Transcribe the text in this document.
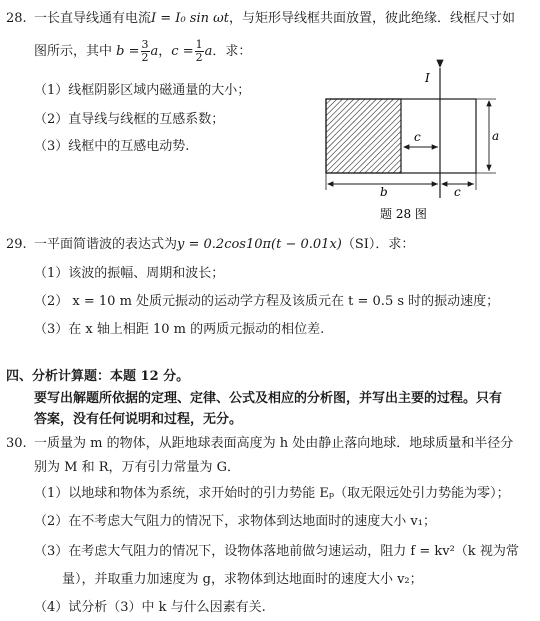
28. 一长直导线通有电流I = I₀ sin ωt，与矩形导线框共面放置，彼此绝缘．线框尺寸如
图所示，其中 $b = \frac{3}{2}$ a，$c = \frac{1}{2}$ a．求：
（1）线框阴影区域内磁通量的大小；
（2）直导线与线框的互感系数；
（3）线框中的互感电动势.
I
c	a
b	c
题 28 图
29. 一平面简谐波的表达式为y = 0.2cos10π(t − 0.01x)（SI）．求：
（1）该波的振幅、周期和波长；
（2） x = 10 m 处质元振动的运动学方程及该质元在 t = 0.5 s 时的振动速度；
（3）在 x 轴上相距 10 m 的两质元振动的相位差.
四、分析计算题：本题 12 分。
要写出解题所依据的定理、定律、公式及相应的分析图，并写出主要的过程。只有
答案，没有任何说明和过程，无分。
30. 一质量为 m 的物体，从距地球表面高度为 h 处由静止落向地球．地球质量和半径分
别为 M 和 R，万有引力常量为 G．
（1）以地球和物体为系统，求开始时的引力势能 Eₚ（取无限远处引力势能为零）；
（2）在不考虑大气阻力的情况下，求物体到达地面时的速度大小 v₁；
（3）在考虑大气阻力的情况下，设物体落地前做匀速运动，阻力 f = kv²（k 视为常
量），并取重力加速度为 g，求物体到达地面时的速度大小 v₂；
（4）试分析（3）中 k 与什么因素有关.
